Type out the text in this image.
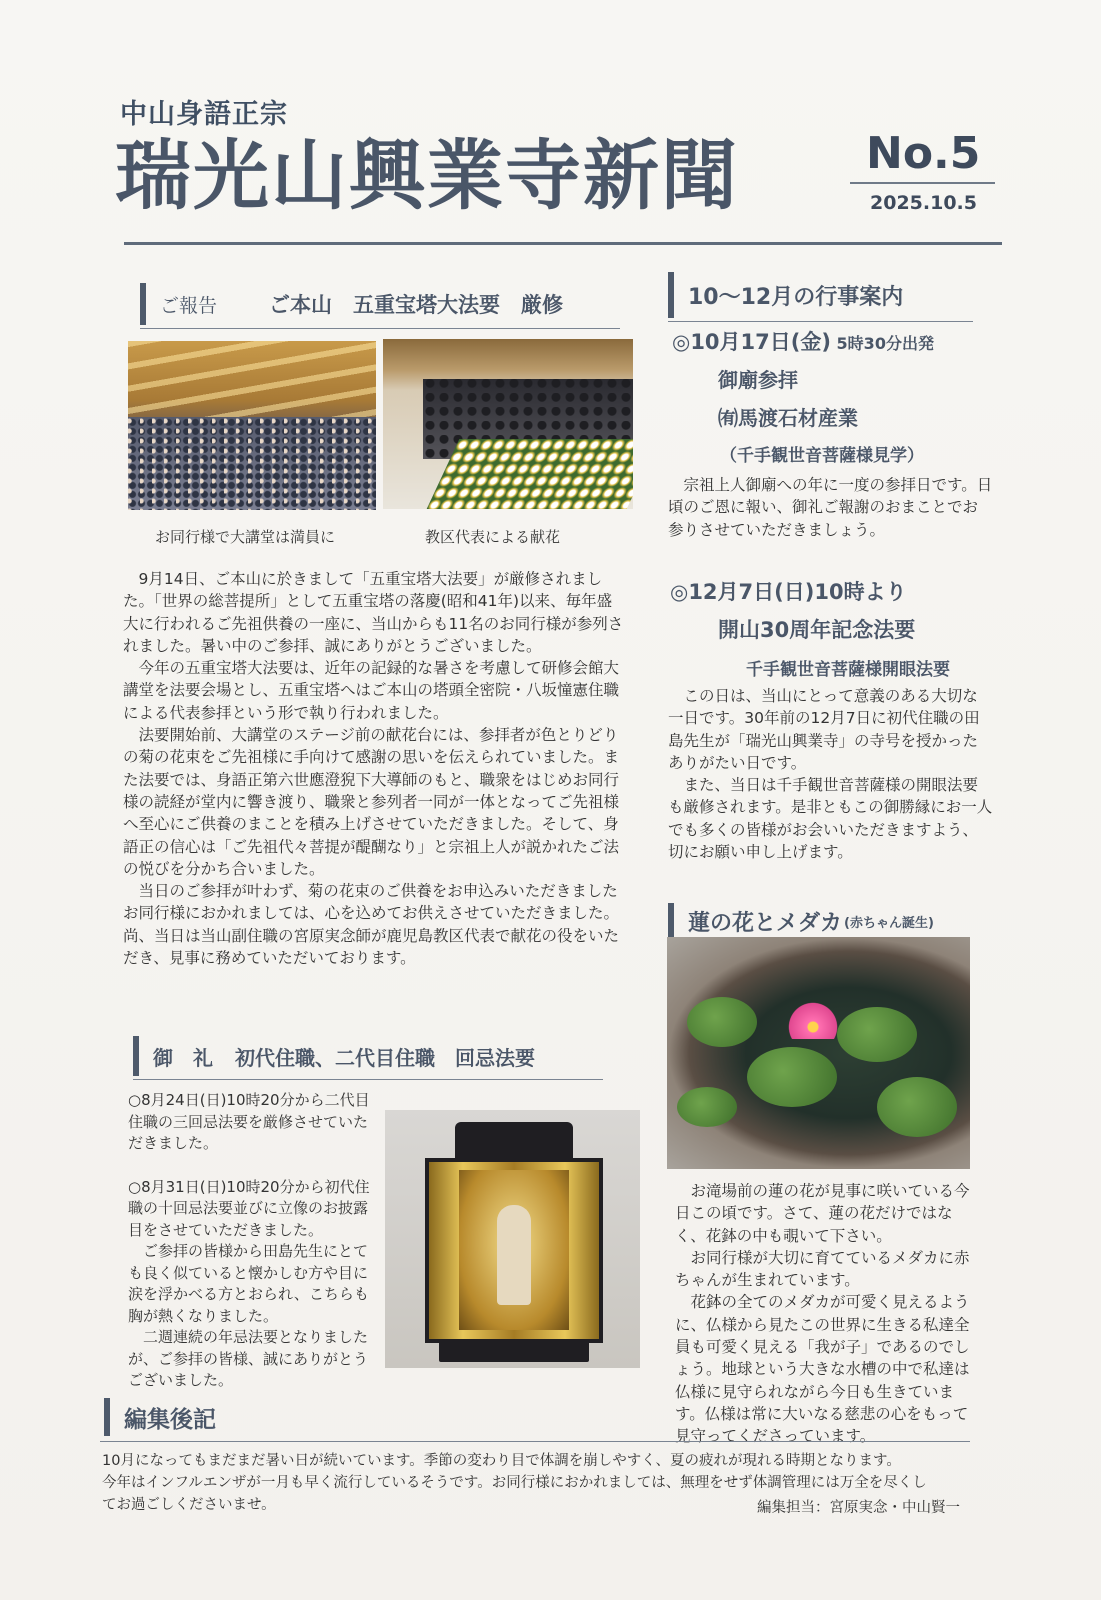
中山身語正宗
瑞光山興業寺新聞	No.5
2025.10.5
ご報告 ご本山　五重宝塔大法要　厳修
お同行様で大講堂は満員に	教区代表による献花

9月14日、ご本山に於きまして「五重宝塔大法要」が厳修されました。「世界の総菩提所」として五重宝塔の落慶(昭和41年)以来、毎年盛大に行われるご先祖供養の一座に、当山からも11名のお同行様が参列されました。暑い中のご参拝、誠にありがとうございました。

今年の五重宝塔大法要は、近年の記録的な暑さを考慮して研修会館大講堂を法要会場とし、五重宝塔へはご本山の塔頭全密院・八坂憧憲住職による代表参拝という形で執り行われました。

法要開始前、大講堂のステージ前の献花台には、参拝者が色とりどりの菊の花束をご先祖様に手向けて感謝の思いを伝えられていました。また法要では、身語正第六世應澄猊下大導師のもと、職衆をはじめお同行様の読経が堂内に響き渡り、職衆と参列者一同が一体となってご先祖様へ至心にご供養のまことを積み上げさせていただきました。そして、身語正の信心は「ご先祖代々菩提が醍醐なり」と宗祖上人が説かれたご法の悦びを分かち合いました。

当日のご参拝が叶わず、菊の花束のご供養をお申込みいただきましたお同行様におかれましては、心を込めてお供えさせていただきました。尚、当日は当山副住職の宮原実念師が鹿児島教区代表で献花の役をいただき、見事に務めていただいております。

御　礼 初代住職、二代目住職　回忌法要

○8月24日(日)10時20分から二代目住職の三回忌法要を厳修させていただきました。

○8月31日(日)10時20分から初代住職の十回忌法要並びに立像のお披露目をさせていただきました。

ご参拝の皆様から田島先生にとても良く似ていると懐かしむ方や目に涙を浮かべる方とおられ、こちらも胸が熱くなりました。

二週連続の年忌法要となりましたが、ご参拝の皆様、誠にありがとうございました。

10～12月の行事案内
◎10月17日(金) 5時30分出発
御廟参拝
㈲馬渡石材産業
（千手観世音菩薩様見学）

宗祖上人御廟への年に一度の参拝日です。日頃のご恩に報い、御礼ご報謝のおまことでお参りさせていただきましょう。

◎12月7日(日)10時より
開山30周年記念法要
千手観世音菩薩様開眼法要

この日は、当山にとって意義のある大切な一日です。30年前の12月7日に初代住職の田島先生が「瑞光山興業寺」の寺号を授かったありがたい日です。

また、当日は千手観世音菩薩様の開眼法要も厳修されます。是非ともこの御勝縁にお一人でも多くの皆様がお会いいただきますよう、切にお願い申し上げます。

蓮の花とメダカ (赤ちゃん誕生)

お滝場前の蓮の花が見事に咲いている今日この頃です。さて、蓮の花だけではなく、花鉢の中も覗いて下さい。

お同行様が大切に育てているメダカに赤ちゃんが生まれています。

花鉢の全てのメダカが可愛く見えるように、仏様から見たこの世界に生きる私達全員も可愛く見える「我が子」であるのでしょう。地球という大きな水槽の中で私達は仏様に見守られながら今日も生きています。仏様は常に大いなる慈悲の心をもって見守ってくださっています。

編集後記

10月になってもまだまだ暑い日が続いています。季節の変わり目で体調を崩しやすく、夏の疲れが現れる時期となります。

今年はインフルエンザが一月も早く流行しているそうです。お同行様におかれましては、無理をせず体調管理には万全を尽くし

てお過ごしくださいませ。	編集担当：宮原実念・中山賢一
